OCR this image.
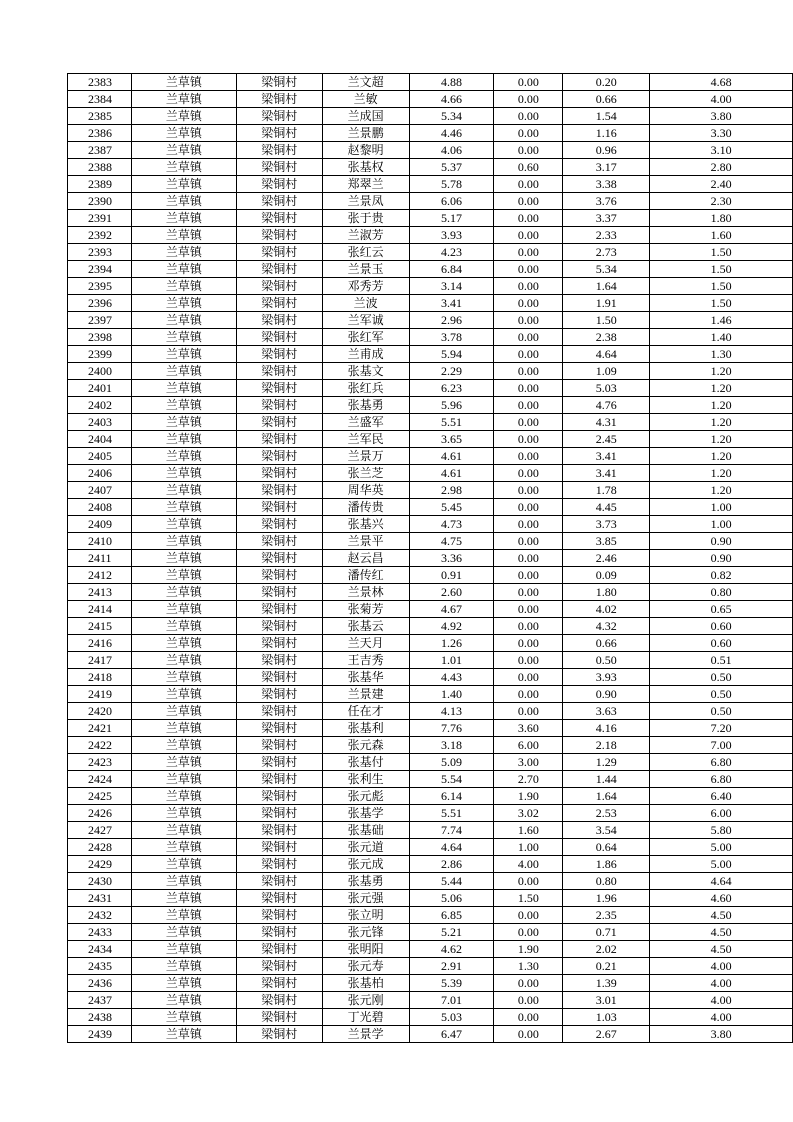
2383	兰草镇	梁铜村	兰文超	4.88	0.00	0.20	4.68
2384	兰草镇	梁铜村	兰敏	4.66	0.00	0.66	4.00
2385	兰草镇	梁铜村	兰成国	5.34	0.00	1.54	3.80
2386	兰草镇	梁铜村	兰景鹏	4.46	0.00	1.16	3.30
2387	兰草镇	梁铜村	赵黎明	4.06	0.00	0.96	3.10
2388	兰草镇	梁铜村	张基权	5.37	0.60	3.17	2.80
2389	兰草镇	梁铜村	郑翠兰	5.78	0.00	3.38	2.40
2390	兰草镇	梁铜村	兰景凤	6.06	0.00	3.76	2.30
2391	兰草镇	梁铜村	张于贵	5.17	0.00	3.37	1.80
2392	兰草镇	梁铜村	兰淑芳	3.93	0.00	2.33	1.60
2393	兰草镇	梁铜村	张红云	4.23	0.00	2.73	1.50
2394	兰草镇	梁铜村	兰景玉	6.84	0.00	5.34	1.50
2395	兰草镇	梁铜村	邓秀芳	3.14	0.00	1.64	1.50
2396	兰草镇	梁铜村	兰波	3.41	0.00	1.91	1.50
2397	兰草镇	梁铜村	兰军诚	2.96	0.00	1.50	1.46
2398	兰草镇	梁铜村	张红军	3.78	0.00	2.38	1.40
2399	兰草镇	梁铜村	兰甫成	5.94	0.00	4.64	1.30
2400	兰草镇	梁铜村	张基文	2.29	0.00	1.09	1.20
2401	兰草镇	梁铜村	张红兵	6.23	0.00	5.03	1.20
2402	兰草镇	梁铜村	张基勇	5.96	0.00	4.76	1.20
2403	兰草镇	梁铜村	兰盛军	5.51	0.00	4.31	1.20
2404	兰草镇	梁铜村	兰军民	3.65	0.00	2.45	1.20
2405	兰草镇	梁铜村	兰景万	4.61	0.00	3.41	1.20
2406	兰草镇	梁铜村	张兰芝	4.61	0.00	3.41	1.20
2407	兰草镇	梁铜村	周华英	2.98	0.00	1.78	1.20
2408	兰草镇	梁铜村	潘传贵	5.45	0.00	4.45	1.00
2409	兰草镇	梁铜村	张基兴	4.73	0.00	3.73	1.00
2410	兰草镇	梁铜村	兰景平	4.75	0.00	3.85	0.90
2411	兰草镇	梁铜村	赵云昌	3.36	0.00	2.46	0.90
2412	兰草镇	梁铜村	潘传红	0.91	0.00	0.09	0.82
2413	兰草镇	梁铜村	兰景林	2.60	0.00	1.80	0.80
2414	兰草镇	梁铜村	张菊芳	4.67	0.00	4.02	0.65
2415	兰草镇	梁铜村	张基云	4.92	0.00	4.32	0.60
2416	兰草镇	梁铜村	兰天月	1.26	0.00	0.66	0.60
2417	兰草镇	梁铜村	王吉秀	1.01	0.00	0.50	0.51
2418	兰草镇	梁铜村	张基华	4.43	0.00	3.93	0.50
2419	兰草镇	梁铜村	兰景建	1.40	0.00	0.90	0.50
2420	兰草镇	梁铜村	任在才	4.13	0.00	3.63	0.50
2421	兰草镇	梁铜村	张基利	7.76	3.60	4.16	7.20
2422	兰草镇	梁铜村	张元森	3.18	6.00	2.18	7.00
2423	兰草镇	梁铜村	张基付	5.09	3.00	1.29	6.80
2424	兰草镇	梁铜村	张利生	5.54	2.70	1.44	6.80
2425	兰草镇	梁铜村	张元彪	6.14	1.90	1.64	6.40
2426	兰草镇	梁铜村	张基学	5.51	3.02	2.53	6.00
2427	兰草镇	梁铜村	张基础	7.74	1.60	3.54	5.80
2428	兰草镇	梁铜村	张元道	4.64	1.00	0.64	5.00
2429	兰草镇	梁铜村	张元成	2.86	4.00	1.86	5.00
2430	兰草镇	梁铜村	张基勇	5.44	0.00	0.80	4.64
2431	兰草镇	梁铜村	张元强	5.06	1.50	1.96	4.60
2432	兰草镇	梁铜村	张立明	6.85	0.00	2.35	4.50
2433	兰草镇	梁铜村	张元锋	5.21	0.00	0.71	4.50
2434	兰草镇	梁铜村	张明阳	4.62	1.90	2.02	4.50
2435	兰草镇	梁铜村	张元寿	2.91	1.30	0.21	4.00
2436	兰草镇	梁铜村	张基柏	5.39	0.00	1.39	4.00
2437	兰草镇	梁铜村	张元刚	7.01	0.00	3.01	4.00
2438	兰草镇	梁铜村	丁光碧	5.03	0.00	1.03	4.00
2439	兰草镇	梁铜村	兰景学	6.47	0.00	2.67	3.80
